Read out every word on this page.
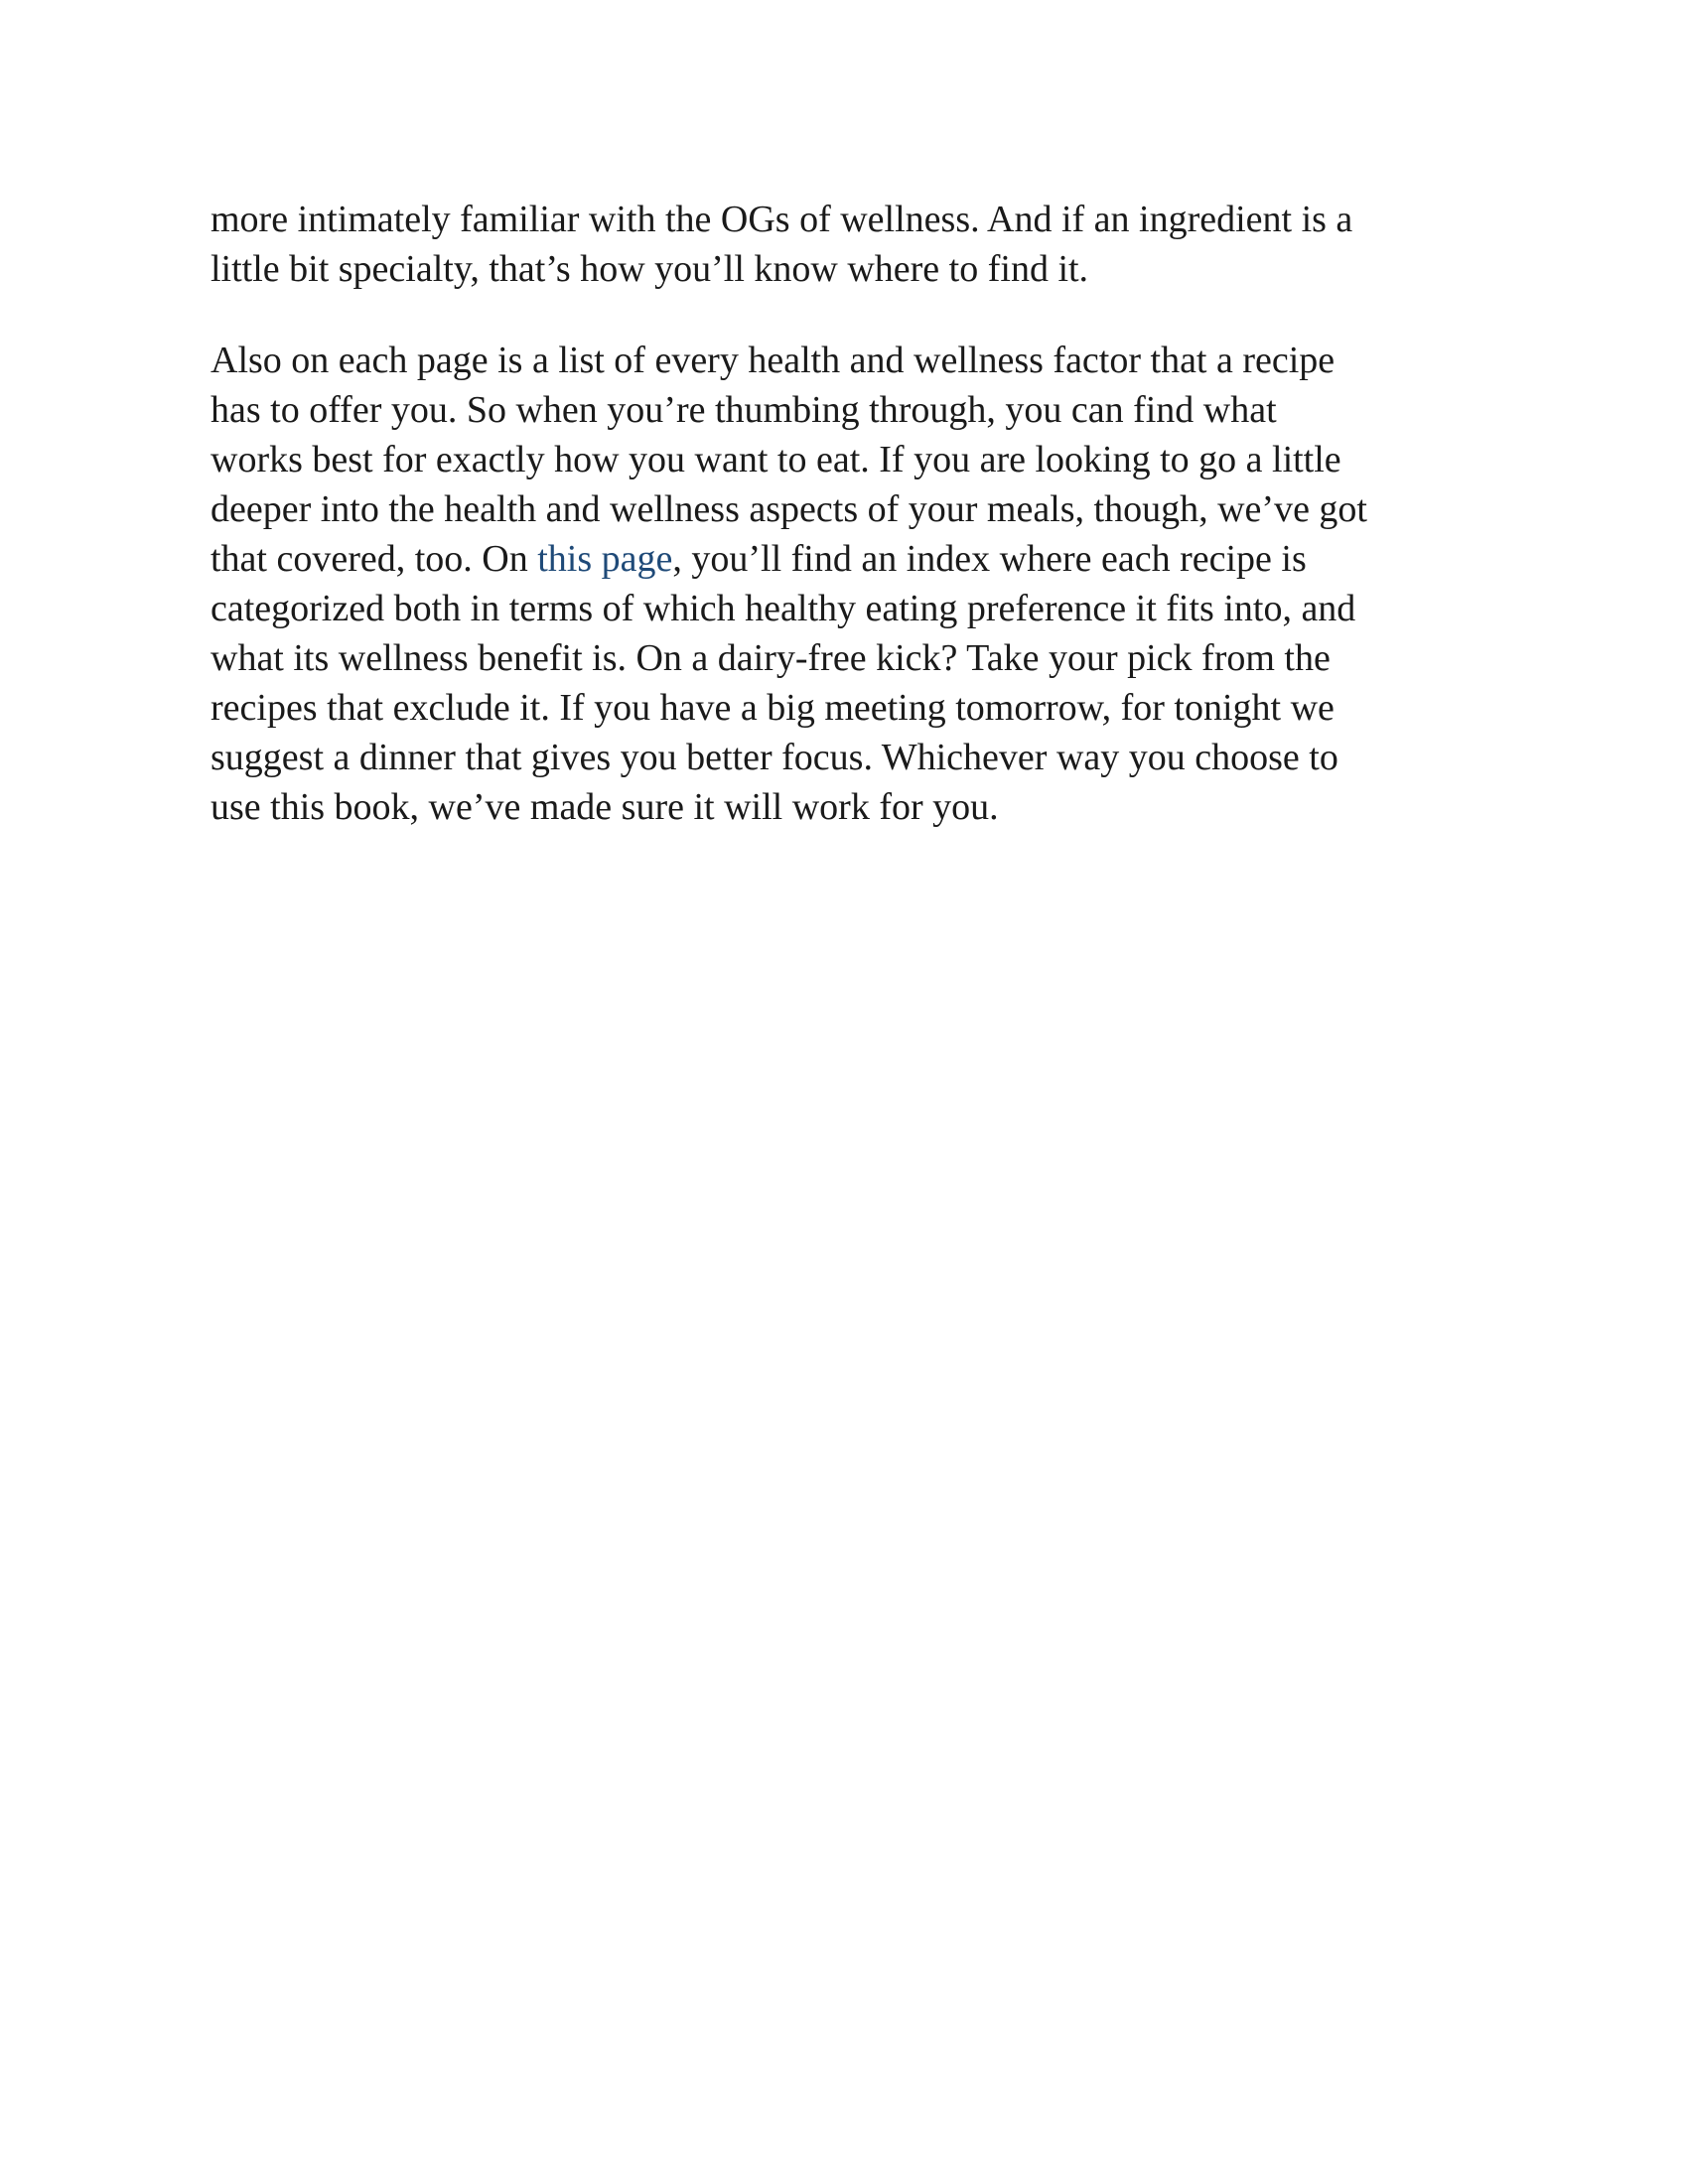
more intimately familiar with the OGs of wellness. And if an ingredient is a
little bit specialty, that’s how you’ll know where to find it.

Also on each page is a list of every health and wellness factor that a recipe
has to offer you. So when you’re thumbing through, you can find what
works best for exactly how you want to eat. If you are looking to go a little
deeper into the health and wellness aspects of your meals, though, we’ve got
that covered, too. On this page, you’ll find an index where each recipe is
categorized both in terms of which healthy eating preference it fits into, and
what its wellness benefit is. On a dairy-free kick? Take your pick from the
recipes that exclude it. If you have a big meeting tomorrow, for tonight we
suggest a dinner that gives you better focus. Whichever way you choose to
use this book, we’ve made sure it will work for you.
